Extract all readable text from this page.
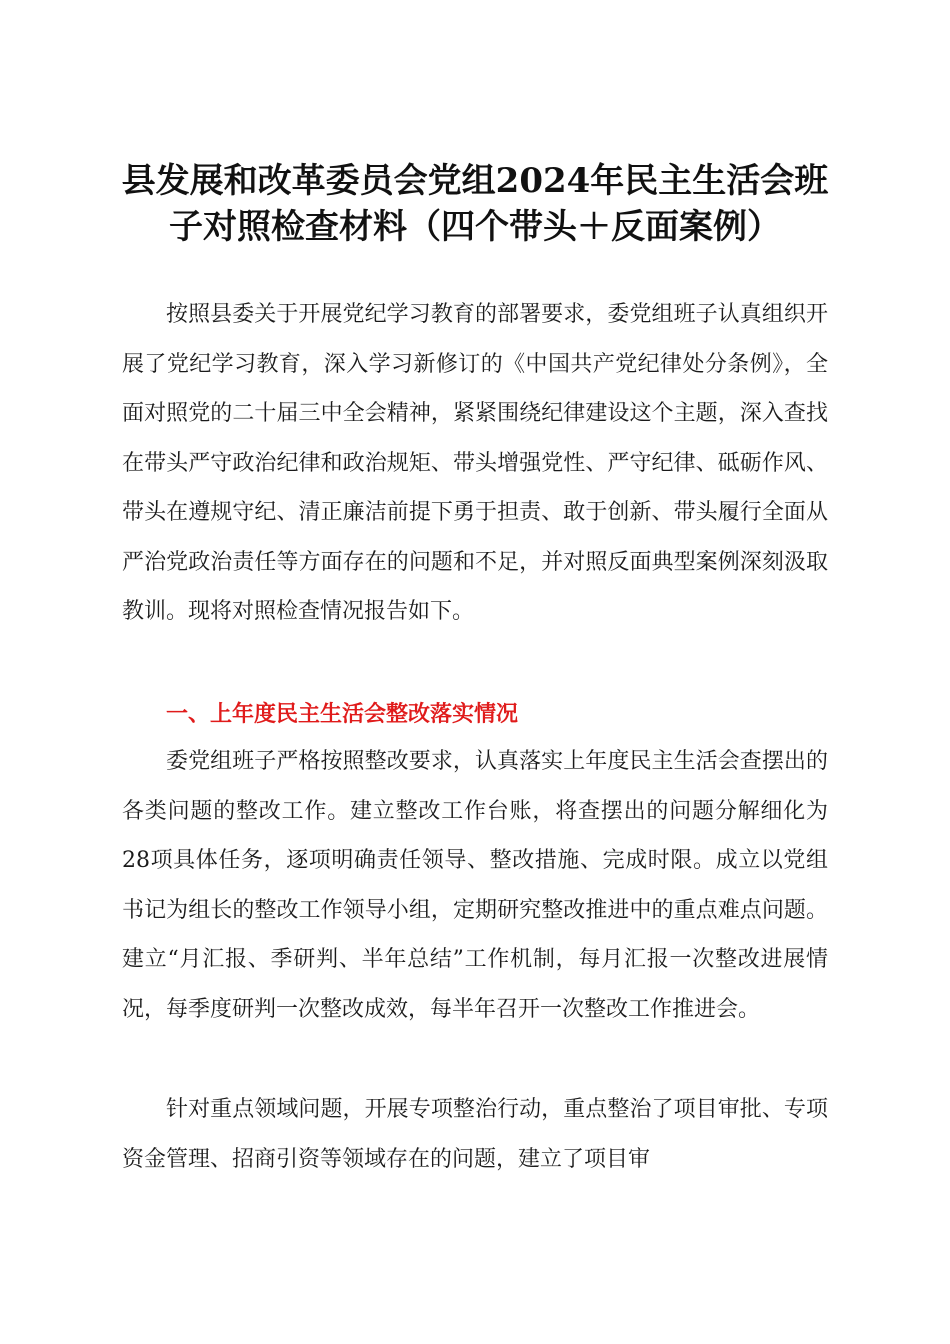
县发展和改革委员会党组2024年民主生活会班子对照检查材料（四个带头＋反面案例）

按照县委关于开展党纪学习教育的部署要求，委党组班子认真组织开展了党纪学习教育，深入学习新修订的《中国共产党纪律处分条例》，全面对照党的二十届三中全会精神，紧紧围绕纪律建设这个主题，深入查找在带头严守政治纪律和政治规矩、带头增强党性、严守纪律、砥砺作风、带头在遵规守纪、清正廉洁前提下勇于担责、敢于创新、带头履行全面从严治党政治责任等方面存在的问题和不足，并对照反面典型案例深刻汲取教训。现将对照检查情况报告如下。

一、上年度民主生活会整改落实情况

委党组班子严格按照整改要求，认真落实上年度民主生活会查摆出的各类问题的整改工作。建立整改工作台账，将查摆出的问题分解细化为28项具体任务，逐项明确责任领导、整改措施、完成时限。成立以党组书记为组长的整改工作领导小组，定期研究整改推进中的重点难点问题。建立“月汇报、季研判、半年总结”工作机制，每月汇报一次整改进展情况，每季度研判一次整改成效，每半年召开一次整改工作推进会。

针对重点领域问题，开展专项整治行动，重点整治了项目审批、专项资金管理、招商引资等领域存在的问题，建立了项目审
